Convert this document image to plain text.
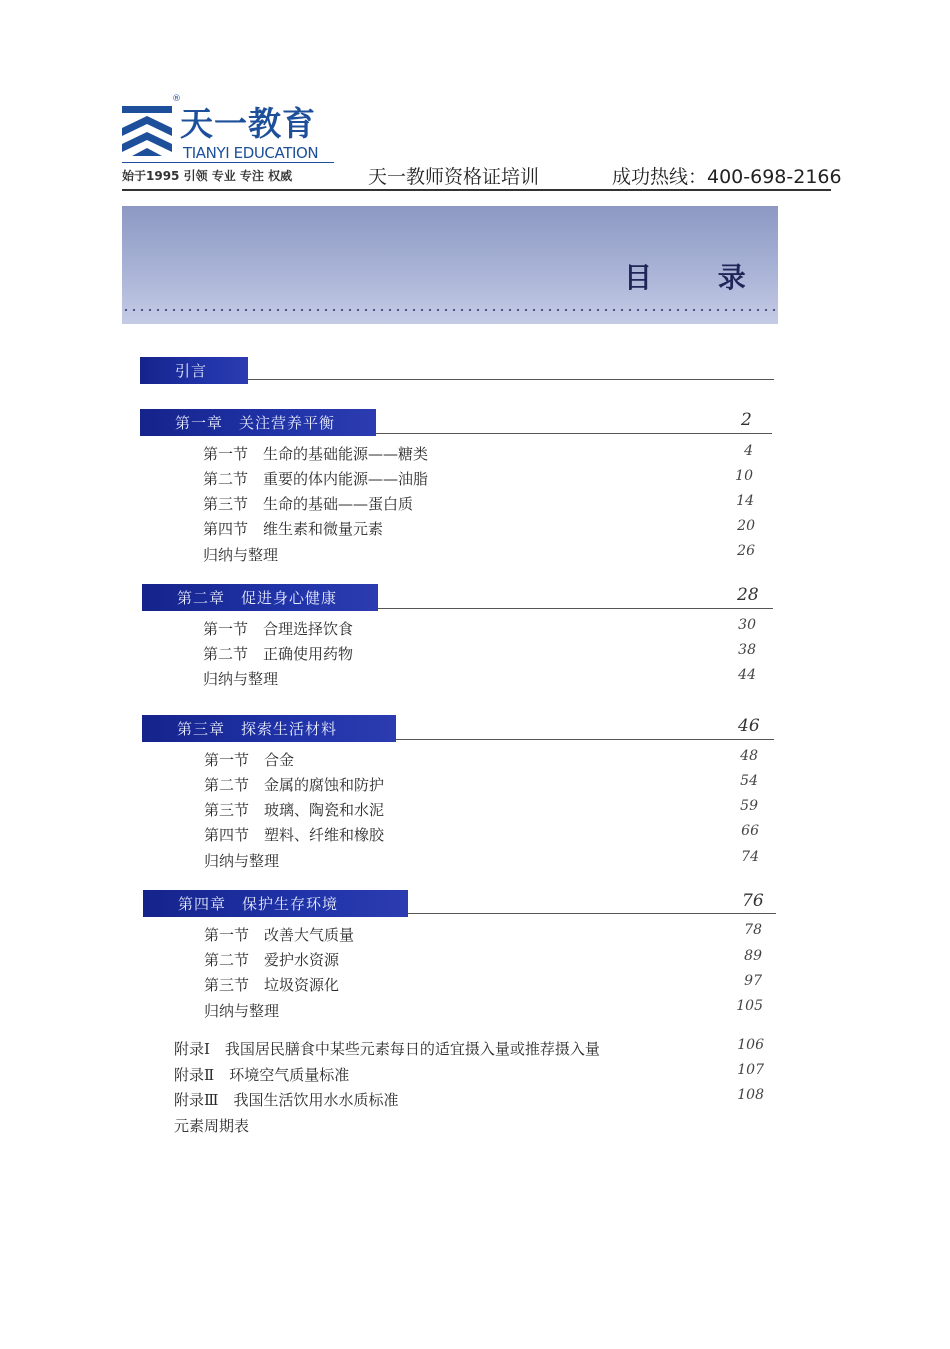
®
天一教育
TIANYI EDUCATION
始于1995 引领 专业 专注 权威	天一教师资格证培训	成功热线：400-698-2166
目 录
引言
第一章　关注营养平衡	2
第一节　生命的基础能源——糖类	4
第二节　重要的体内能源——油脂	10
第三节　生命的基础——蛋白质	14
第四节　维生素和微量元素	20
归纳与整理	26
第二章　促进身心健康	28
第一节　合理选择饮食	30
第二节　正确使用药物	38
归纳与整理	44
第三章　探索生活材料	46
第一节　合金	48
第二节　金属的腐蚀和防护	54
第三节　玻璃、陶瓷和水泥	59
第四节　塑料、纤维和橡胶	66
归纳与整理	74
第四章　保护生存环境	76
第一节　改善大气质量	78
第二节　爱护水资源	89
第三节　垃圾资源化	97
归纳与整理	105
附录Ⅰ　我国居民膳食中某些元素每日的适宜摄入量或推荐摄入量	106
附录Ⅱ　环境空气质量标准	107
附录Ⅲ　我国生活饮用水水质标准	108
元素周期表
